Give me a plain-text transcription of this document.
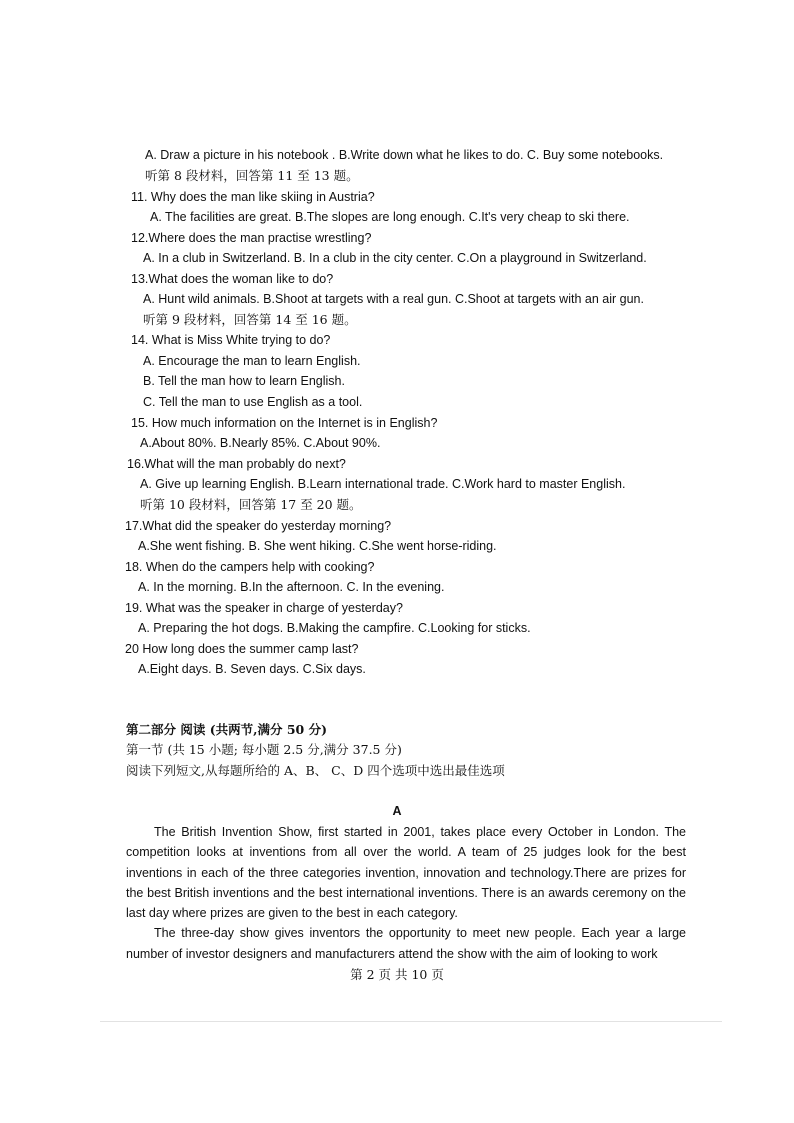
A. Draw a picture in his notebook . B.Write down what he likes to do. C. Buy some notebooks.
听第 8 段材料，回答第 11 至 13 题。
11. Why does the man like skiing in Austria?
A. The facilities are great. B.The slopes are long enough. C.It's very cheap to ski there.
12.Where does the man practise wrestling?
A. In a club in Switzerland. B. In a club in the city center. C.On a playground in Switzerland.
13.What does the woman like to do?
A. Hunt wild animals. B.Shoot at targets with a real gun. C.Shoot at targets with an air gun.
听第 9 段材料，回答第 14 至 16 题。
14. What is Miss White trying to do?
A. Encourage the man to learn English.
B. Tell the man how to learn English.
C. Tell the man to use English as a tool.
15. How much information on the Internet is in English?
A.About 80%. B.Nearly 85%. C.About 90%.
16.What will the man probably do next?
A. Give up learning English. B.Learn international trade. C.Work hard to master English.
听第 10 段材料，回答第 17 至 20 题。
17.What did the speaker do yesterday morning?
A.She went fishing. B. She went hiking. C.She went horse-riding.
18. When do the campers help with cooking?
A. In the morning. B.In the afternoon. C. In the evening.
19. What was the speaker in charge of yesterday?
A. Preparing the hot dogs. B.Making the campfire. C.Looking for sticks.
20 How long does the summer camp last?
A.Eight days. B. Seven days. C.Six days.
第二部分 阅读 (共两节,满分 50 分)
第一节 (共 15 小题; 每小题 2.5 分,满分 37.5 分)
阅读下列短文,从每题所给的 A、B、 C、D 四个选项中选出最佳选项
A

The British Invention Show, first started in 2001, takes place every October in London. The competition looks at inventions from all over the world. A team of 25 judges look for the best inventions in each of the three categories invention, innovation and technology.There are prizes for the best British inventions and the best international inventions. There is an awards ceremony on the last day where prizes are given to the best in each category.

The three-day show gives inventors the opportunity to meet new people. Each year a large number of investor designers and manufacturers attend the show with the aim of looking to work

第 2 页 共 10 页
